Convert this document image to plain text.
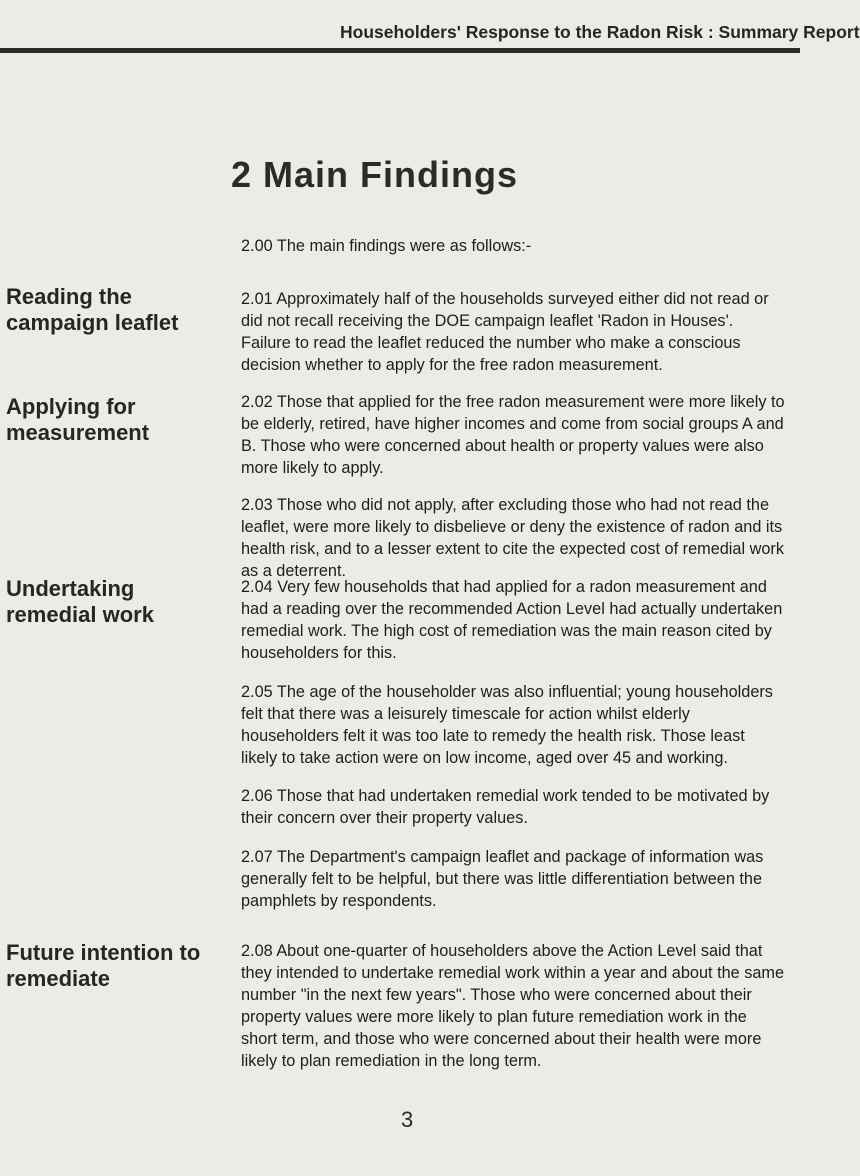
Householders' Response to the Radon Risk : Summary Report
2 Main Findings
Reading the campaign leaflet
Applying for measurement
Undertaking remedial work
Future intention to remediate

2.00 The main findings were as follows:-

2.01 Approximately half of the households surveyed either did not read or did not recall receiving the DOE campaign leaflet 'Radon in Houses'. Failure to read the leaflet reduced the number who make a conscious decision whether to apply for the free radon measurement.

2.02 Those that applied for the free radon measurement were more likely to be elderly, retired, have higher incomes and come from social groups A and B. Those who were concerned about health or property values were also more likely to apply.

2.03 Those who did not apply, after excluding those who had not read the leaflet, were more likely to disbelieve or deny the existence of radon and its health risk, and to a lesser extent to cite the expected cost of remedial work as a deterrent.

2.04 Very few households that had applied for a radon measurement and had a reading over the recommended Action Level had actually undertaken remedial work. The high cost of remediation was the main reason cited by householders for this.

2.05 The age of the householder was also influential; young householders felt that there was a leisurely timescale for action whilst elderly householders felt it was too late to remedy the health risk. Those least likely to take action were on low income, aged over 45 and working.

2.06 Those that had undertaken remedial work tended to be motivated by their concern over their property values.

2.07 The Department's campaign leaflet and package of information was generally felt to be helpful, but there was little differentiation between the pamphlets by respondents.

2.08 About one-quarter of householders above the Action Level said that they intended to undertake remedial work within a year and about the same number "in the next few years". Those who were concerned about their property values were more likely to plan future remediation work in the short term, and those who were concerned about their health were more likely to plan remediation in the long term.

3
